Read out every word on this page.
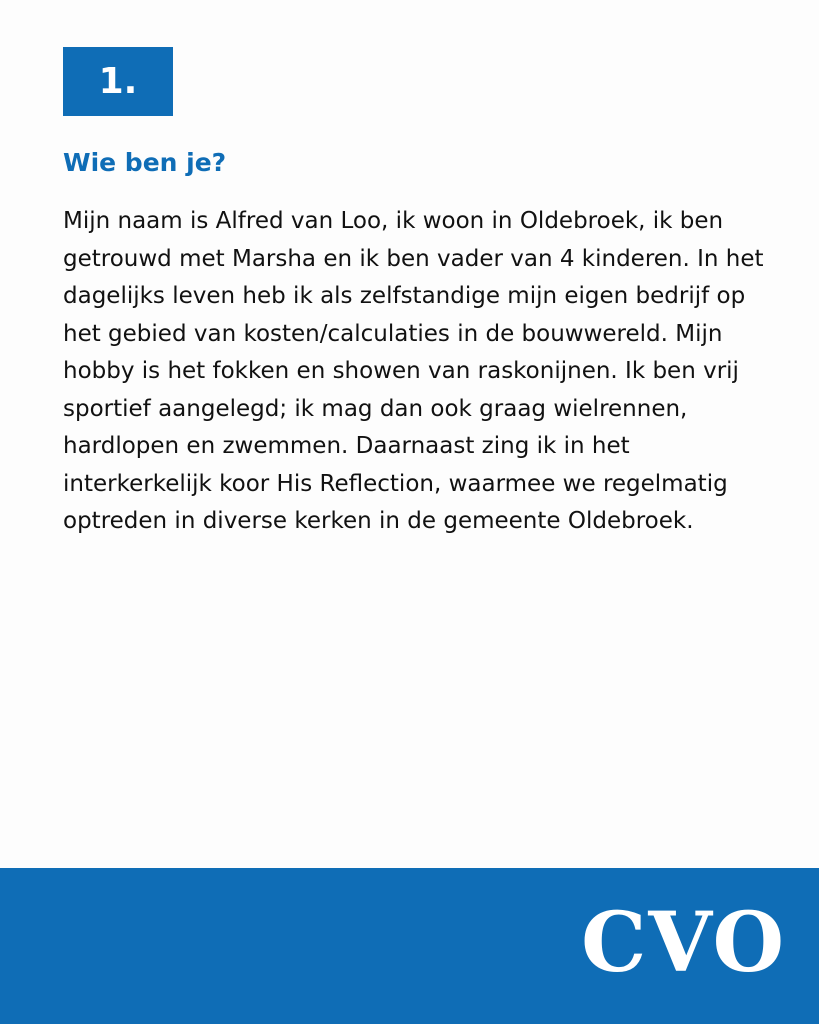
1.
Wie ben je?

Mijn naam is Alfred van Loo, ik woon in Oldebroek, ik ben getrouwd met Marsha en ik ben vader van 4 kinderen. In het dagelijks leven heb ik als zelfstandige mijn eigen bedrijf op het gebied van kosten/calculaties in de bouwwereld. Mijn hobby is het fokken en showen van raskonijnen. Ik ben vrij sportief aangelegd; ik mag dan ook graag wielrennen, hardlopen en zwemmen. Daarnaast zing ik in het interkerkelijk koor His Reflection, waarmee we regelmatig optreden in diverse kerken in de gemeente Oldebroek.

CVO
